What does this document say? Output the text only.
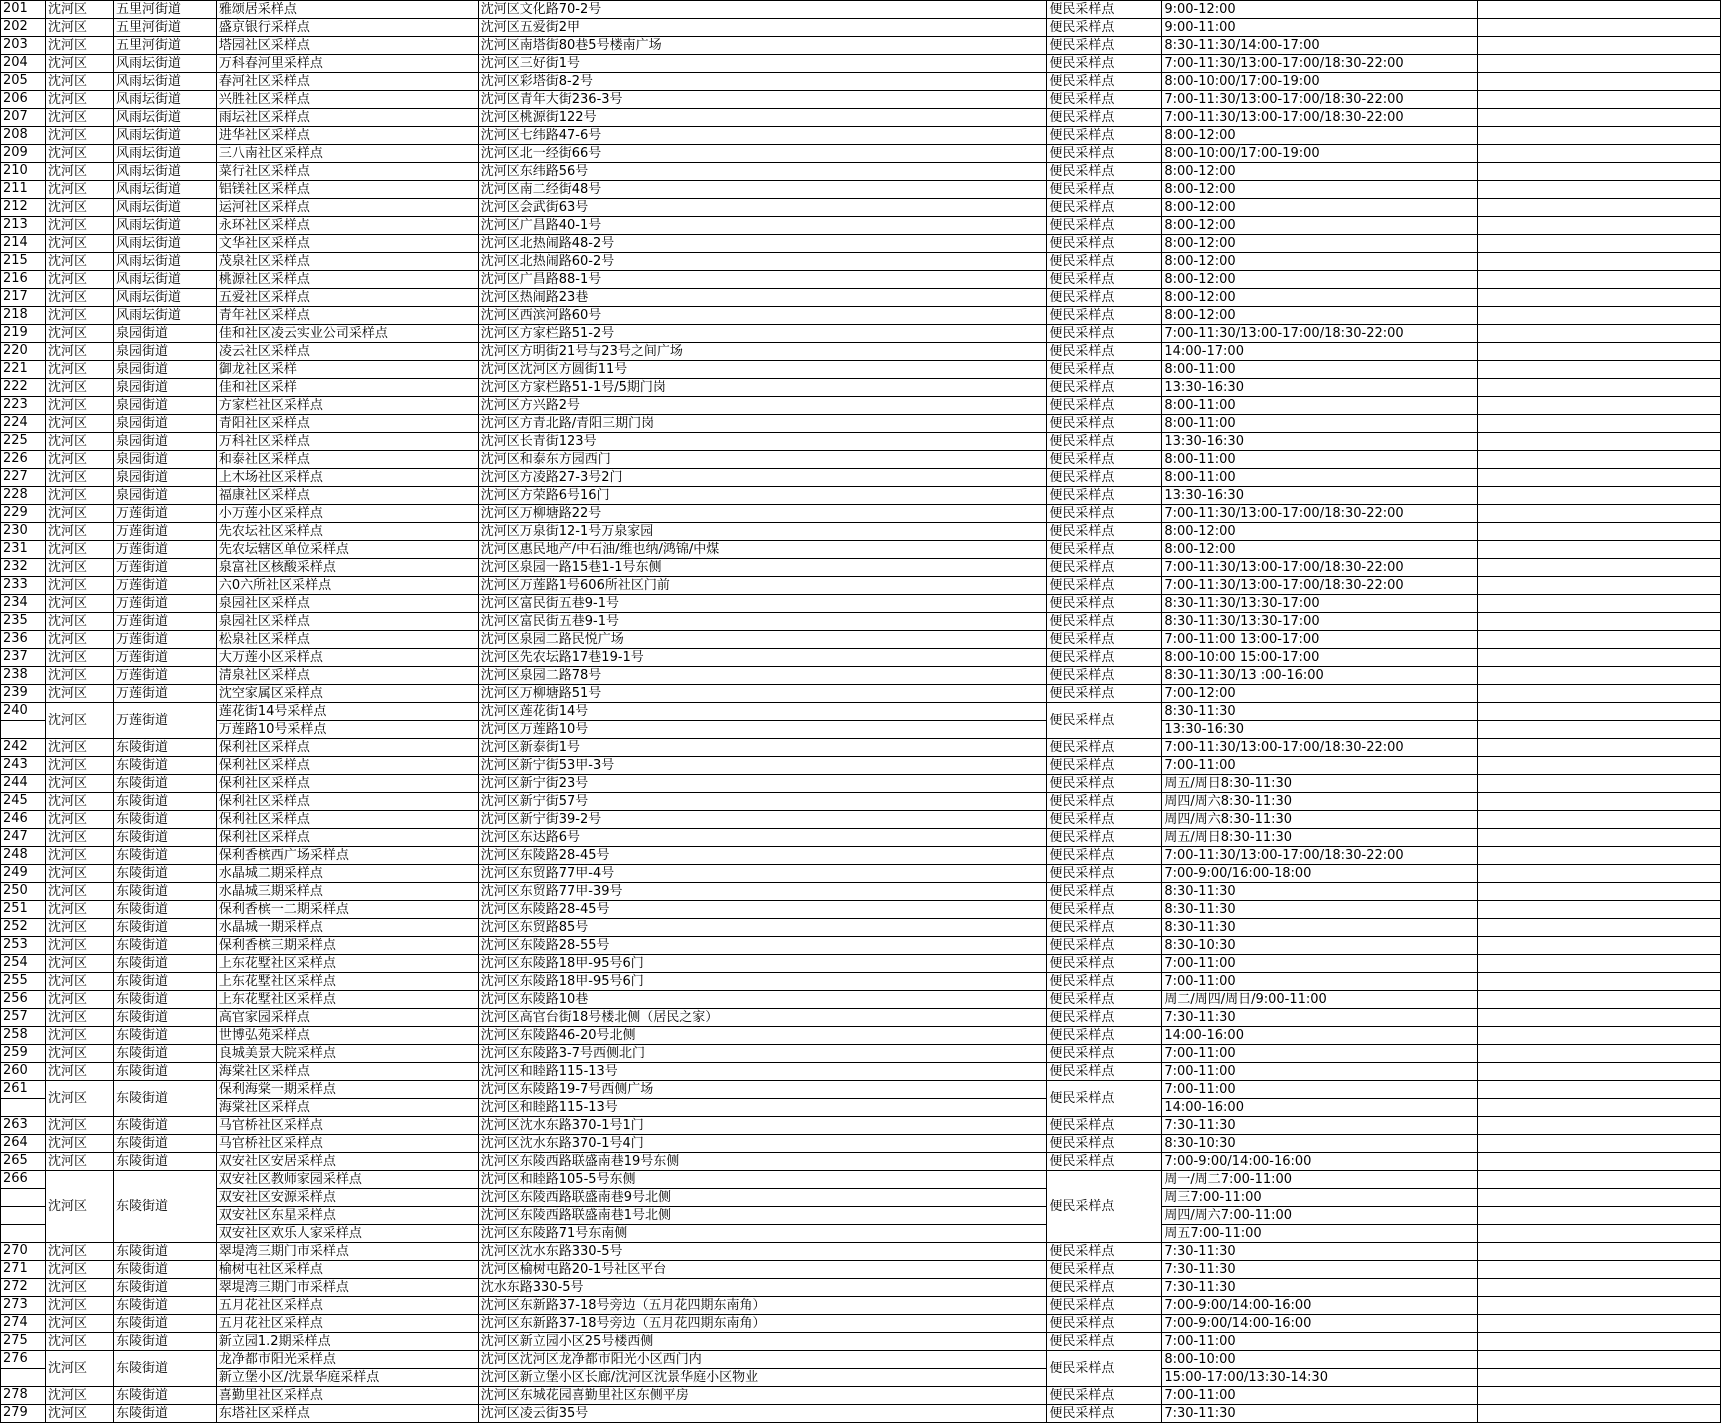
201	沈河区	五里河街道	雅颂居采样点	沈河区文化路70-2号	便民采样点	9:00-12:00	
202	沈河区	五里河街道	盛京银行采样点	沈河区五爱街2甲	便民采样点	9:00-11:00	
203	沈河区	五里河街道	塔园社区采样点	沈河区南塔街80巷5号楼南广场	便民采样点	8:30-11:30/14:00-17:00	
204	沈河区	风雨坛街道	万科春河里采样点	沈河区三好街1号	便民采样点	7:00-11:30/13:00-17:00/18:30-22:00	
205	沈河区	风雨坛街道	春河社区采样点	沈河区彩塔街8-2号	便民采样点	8:00-10:00/17:00-19:00	
206	沈河区	风雨坛街道	兴胜社区采样点	沈河区青年大街236-3号	便民采样点	7:00-11:30/13:00-17:00/18:30-22:00	
207	沈河区	风雨坛街道	雨坛社区采样点	沈河区桃源街122号	便民采样点	7:00-11:30/13:00-17:00/18:30-22:00	
208	沈河区	风雨坛街道	进华社区采样点	沈河区七纬路47-6号	便民采样点	8:00-12:00	
209	沈河区	风雨坛街道	三八南社区采样点	沈河区北一经街66号	便民采样点	8:00-10:00/17:00-19:00	
210	沈河区	风雨坛街道	菜行社区采样点	沈河区东纬路56号	便民采样点	8:00-12:00	
211	沈河区	风雨坛街道	铝镁社区采样点	沈河区南二经街48号	便民采样点	8:00-12:00	
212	沈河区	风雨坛街道	运河社区采样点	沈河区会武街63号	便民采样点	8:00-12:00	
213	沈河区	风雨坛街道	永环社区采样点	沈河区广昌路40-1号	便民采样点	8:00-12:00	
214	沈河区	风雨坛街道	文华社区采样点	沈河区北热闹路48-2号	便民采样点	8:00-12:00	
215	沈河区	风雨坛街道	茂泉社区采样点	沈河区北热闹路60-2号	便民采样点	8:00-12:00	
216	沈河区	风雨坛街道	桃源社区采样点	沈河区广昌路88-1号	便民采样点	8:00-12:00	
217	沈河区	风雨坛街道	五爱社区采样点	沈河区热闹路23巷	便民采样点	8:00-12:00	
218	沈河区	风雨坛街道	青年社区采样点	沈河区西滨河路60号	便民采样点	8:00-12:00	
219	沈河区	泉园街道	佳和社区凌云实业公司采样点	沈河区方家栏路51-2号	便民采样点	7:00-11:30/13:00-17:00/18:30-22:00	
220	沈河区	泉园街道	凌云社区采样点	沈河区方明街21号与23号之间广场	便民采样点	14:00-17:00	
221	沈河区	泉园街道	御龙社区采样	沈河区沈河区方圆街11号	便民采样点	8:00-11:00	
222	沈河区	泉园街道	佳和社区采样	沈河区方家栏路51-1号/5期门岗	便民采样点	13:30-16:30	
223	沈河区	泉园街道	方家栏社区采样点	沈河区方兴路2号	便民采样点	8:00-11:00	
224	沈河区	泉园街道	青阳社区采样点	沈河区方青北路/青阳三期门岗	便民采样点	8:00-11:00	
225	沈河区	泉园街道	万科社区采样点	沈河区长青街123号	便民采样点	13:30-16:30	
226	沈河区	泉园街道	和泰社区采样点	沈河区和泰东方园西门	便民采样点	8:00-11:00	
227	沈河区	泉园街道	上木场社区采样点	沈河区方凌路27-3号2门	便民采样点	8:00-11:00	
228	沈河区	泉园街道	福康社区采样点	沈河区方荣路6号16门	便民采样点	13:30-16:30	
229	沈河区	万莲街道	小万莲小区采样点	沈河区万柳塘路22号	便民采样点	7:00-11:30/13:00-17:00/18:30-22:00	
230	沈河区	万莲街道	先农坛社区采样点	沈河区万泉街12-1号万泉家园	便民采样点	8:00-12:00	
231	沈河区	万莲街道	先农坛辖区单位采样点	沈河区惠民地产/中石油/维也纳/鸿锦/中煤	便民采样点	8:00-12:00	
232	沈河区	万莲街道	泉富社区核酸采样点	沈河区泉园一路15巷1-1号东侧	便民采样点	7:00-11:30/13:00-17:00/18:30-22:00	
233	沈河区	万莲街道	六0六所社区采样点	沈河区万莲路1号606所社区门前	便民采样点	7:00-11:30/13:00-17:00/18:30-22:00	
234	沈河区	万莲街道	泉园社区采样点	沈河区富民街五巷9-1号	便民采样点	8:30-11:30/13:30-17:00	
235	沈河区	万莲街道	泉园社区采样点	沈河区富民街五巷9-1号	便民采样点	8:30-11:30/13:30-17:00	
236	沈河区	万莲街道	松泉社区采样点	沈河区泉园二路民悦广场	便民采样点	7:00-11:00 13:00-17:00	
237	沈河区	万莲街道	大万莲小区采样点	沈河区先农坛路17巷19-1号	便民采样点	8:00-10:00 15:00-17:00	
238	沈河区	万莲街道	清泉社区采样点	沈河区泉园二路78号	便民采样点	8:30-11:30/13 :00-16:00	
239	沈河区	万莲街道	沈空家属区采样点	沈河区万柳塘路51号	便民采样点	7:00-12:00	
240	沈河区	万莲街道	莲花街14号采样点	沈河区莲花街14号	便民采样点	8:30-11:30	
			万莲路10号采样点	沈河区万莲路10号		13:30-16:30	
242	沈河区	东陵街道	保利社区采样点	沈河区新泰街1号	便民采样点	7:00-11:30/13:00-17:00/18:30-22:00	
243	沈河区	东陵街道	保利社区采样点	沈河区新宁街53甲-3号	便民采样点	7:00-11:00	
244	沈河区	东陵街道	保利社区采样点	沈河区新宁街23号	便民采样点	周五/周日8:30-11:30	
245	沈河区	东陵街道	保利社区采样点	沈河区新宁街57号	便民采样点	周四/周六8:30-11:30	
246	沈河区	东陵街道	保利社区采样点	沈河区新宁街39-2号	便民采样点	周四/周六8:30-11:30	
247	沈河区	东陵街道	保利社区采样点	沈河区东达路6号	便民采样点	周五/周日8:30-11:30	
248	沈河区	东陵街道	保利香槟西广场采样点	沈河区东陵路28-45号	便民采样点	7:00-11:30/13:00-17:00/18:30-22:00	
249	沈河区	东陵街道	水晶城二期采样点	沈河区东贸路77甲-4号	便民采样点	7:00-9:00/16:00-18:00	
250	沈河区	东陵街道	水晶城三期采样点	沈河区东贸路77甲-39号	便民采样点	8:30-11:30	
251	沈河区	东陵街道	保利香槟一二期采样点	沈河区东陵路28-45号	便民采样点	8:30-11:30	
252	沈河区	东陵街道	水晶城一期采样点	沈河区东贸路85号	便民采样点	8:30-11:30	
253	沈河区	东陵街道	保利香槟三期采样点	沈河区东陵路28-55号	便民采样点	8:30-10:30	
254	沈河区	东陵街道	上东花墅社区采样点	沈河区东陵路18甲-95号6门	便民采样点	7:00-11:00	
255	沈河区	东陵街道	上东花墅社区采样点	沈河区东陵路18甲-95号6门	便民采样点	7:00-11:00	
256	沈河区	东陵街道	上东花墅社区采样点	沈河区东陵路10巷	便民采样点	周二/周四/周日/9:00-11:00	
257	沈河区	东陵街道	高官家园采样点	沈河区高官台街18号楼北侧（居民之家）	便民采样点	7:30-11:30	
258	沈河区	东陵街道	世博弘苑采样点	沈河区东陵路46-20号北侧	便民采样点	14:00-16:00	
259	沈河区	东陵街道	良城美景大院采样点	沈河区东陵路3-7号西侧北门	便民采样点	7:00-11:00	
260	沈河区	东陵街道	海棠社区采样点	沈河区和睦路115-13号	便民采样点	7:00-11:00	
261	沈河区	东陵街道	保利海棠一期采样点	沈河区东陵路19-7号西侧广场	便民采样点	7:00-11:00	
			海棠社区采样点	沈河区和睦路115-13号		14:00-16:00	
263	沈河区	东陵街道	马官桥社区采样点	沈河区沈水东路370-1号1门	便民采样点	7:30-11:30	
264	沈河区	东陵街道	马官桥社区采样点	沈河区沈水东路370-1号4门	便民采样点	8:30-10:30	
265	沈河区	东陵街道	双安社区安居采样点	沈河区东陵西路联盛南巷19号东侧	便民采样点	7:00-9:00/14:00-16:00	
266	沈河区	东陵街道	双安社区教师家园采样点	沈河区和睦路105-5号东侧	便民采样点	周一/周二7:00-11:00	
			双安社区安源采样点	沈河区东陵西路联盛南巷9号北侧		周三7:00-11:00	
			双安社区东星采样点	沈河区东陵西路联盛南巷1号北侧		周四/周六7:00-11:00	
			双安社区欢乐人家采样点	沈河区东陵路71号东南侧		周五7:00-11:00	
270	沈河区	东陵街道	翠堤湾三期门市采样点	沈河区沈水东路330-5号	便民采样点	7:30-11:30	
271	沈河区	东陵街道	榆树屯社区采样点	沈河区榆树屯路20-1号社区平台	便民采样点	7:30-11:30	
272	沈河区	东陵街道	翠堤湾三期门市采样点	沈水东路330-5号	便民采样点	7:30-11:30	
273	沈河区	东陵街道	五月花社区采样点	沈河区东新路37-18号旁边（五月花四期东南角）	便民采样点	7:00-9:00/14:00-16:00	
274	沈河区	东陵街道	五月花社区采样点	沈河区东新路37-18号旁边（五月花四期东南角）	便民采样点	7:00-9:00/14:00-16:00	
275	沈河区	东陵街道	新立园1.2期采样点	沈河区新立园小区25号楼西侧	便民采样点	7:00-11:00	
276	沈河区	东陵街道	龙净都市阳光采样点	沈河区沈河区龙净都市阳光小区西门内	便民采样点	8:00-10:00	
			新立堡小区/沈景华庭采样点	沈河区新立堡小区长廊/沈河区沈景华庭小区物业		15:00-17:00/13:30-14:30	
278	沈河区	东陵街道	喜勤里社区采样点	沈河区东城花园喜勤里社区东侧平房	便民采样点	7:00-11:00	
279	沈河区	东陵街道	东塔社区采样点	沈河区凌云街35号	便民采样点	7:30-11:30	
